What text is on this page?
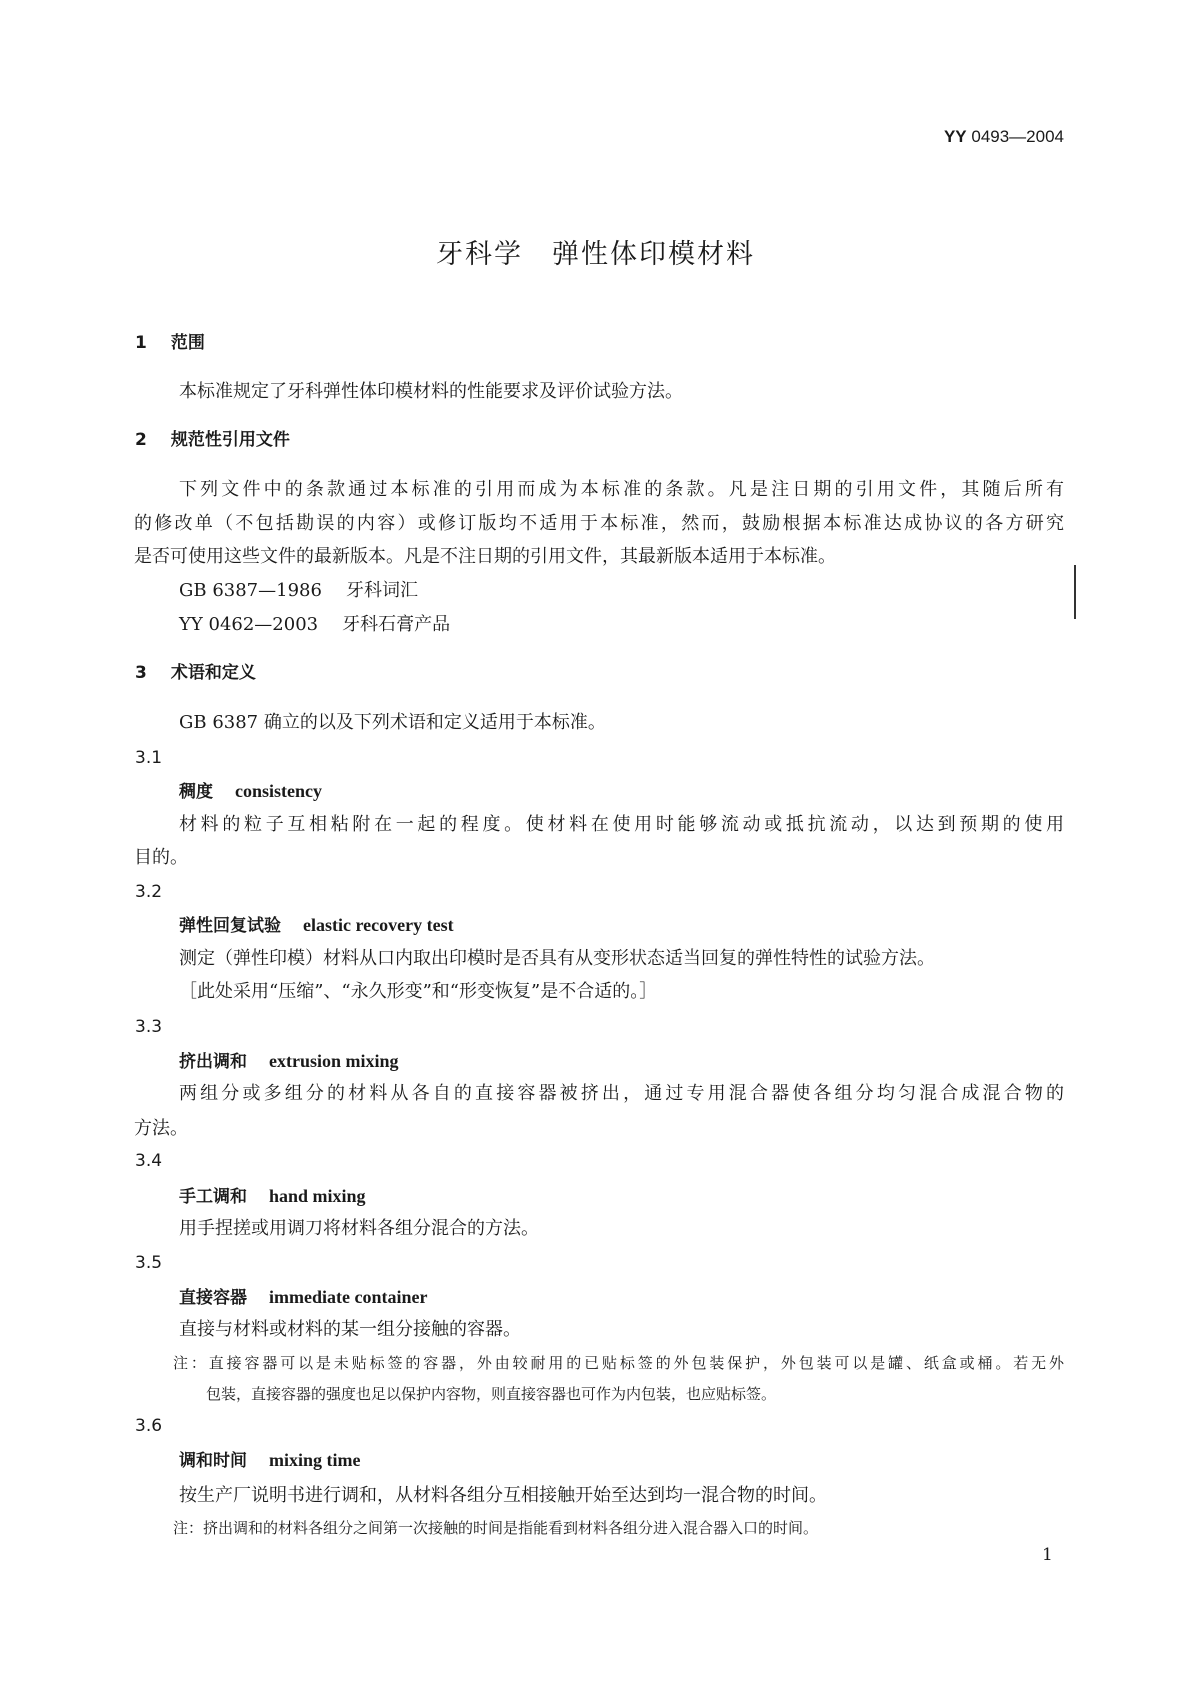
YY 0493—2004
牙科学　弹性体印模材料
1 范围
本标准规定了牙科弹性体印模材料的性能要求及评价试验方法。
2 规范性引用文件
下列文件中的条款通过本标准的引用而成为本标准的条款。凡是注日期的引用文件，其随后所有
的修改单（不包括勘误的内容）或修订版均不适用于本标准，然而，鼓励根据本标准达成协议的各方研究
是否可使用这些文件的最新版本。凡是不注日期的引用文件，其最新版本适用于本标准。
GB 6387—1986 牙科词汇
YY 0462—2003 牙科石膏产品
3 术语和定义
GB 6387 确立的以及下列术语和定义适用于本标准。
3.1
稠度 consistency
材料的粒子互相粘附在一起的程度。使材料在使用时能够流动或抵抗流动，以达到预期的使用
目的。
3.2
弹性回复试验 elastic recovery test
测定（弹性印模）材料从口内取出印模时是否具有从变形状态适当回复的弹性特性的试验方法。
［此处采用“压缩”、“永久形变”和“形变恢复”是不合适的。］
3.3
挤出调和 extrusion mixing
两组分或多组分的材料从各自的直接容器被挤出，通过专用混合器使各组分均匀混合成混合物的
方法。
3.4
手工调和 hand mixing
用手捏搓或用调刀将材料各组分混合的方法。
3.5
直接容器 immediate container
直接与材料或材料的某一组分接触的容器。
注：直接容器可以是未贴标签的容器，外由较耐用的已贴标签的外包装保护，外包装可以是罐、纸盒或桶。若无外
包装，直接容器的强度也足以保护内容物，则直接容器也可作为内包装，也应贴标签。
3.6
调和时间 mixing time
按生产厂说明书进行调和，从材料各组分互相接触开始至达到均一混合物的时间。
注：挤出调和的材料各组分之间第一次接触的时间是指能看到材料各组分进入混合器入口的时间。
1
